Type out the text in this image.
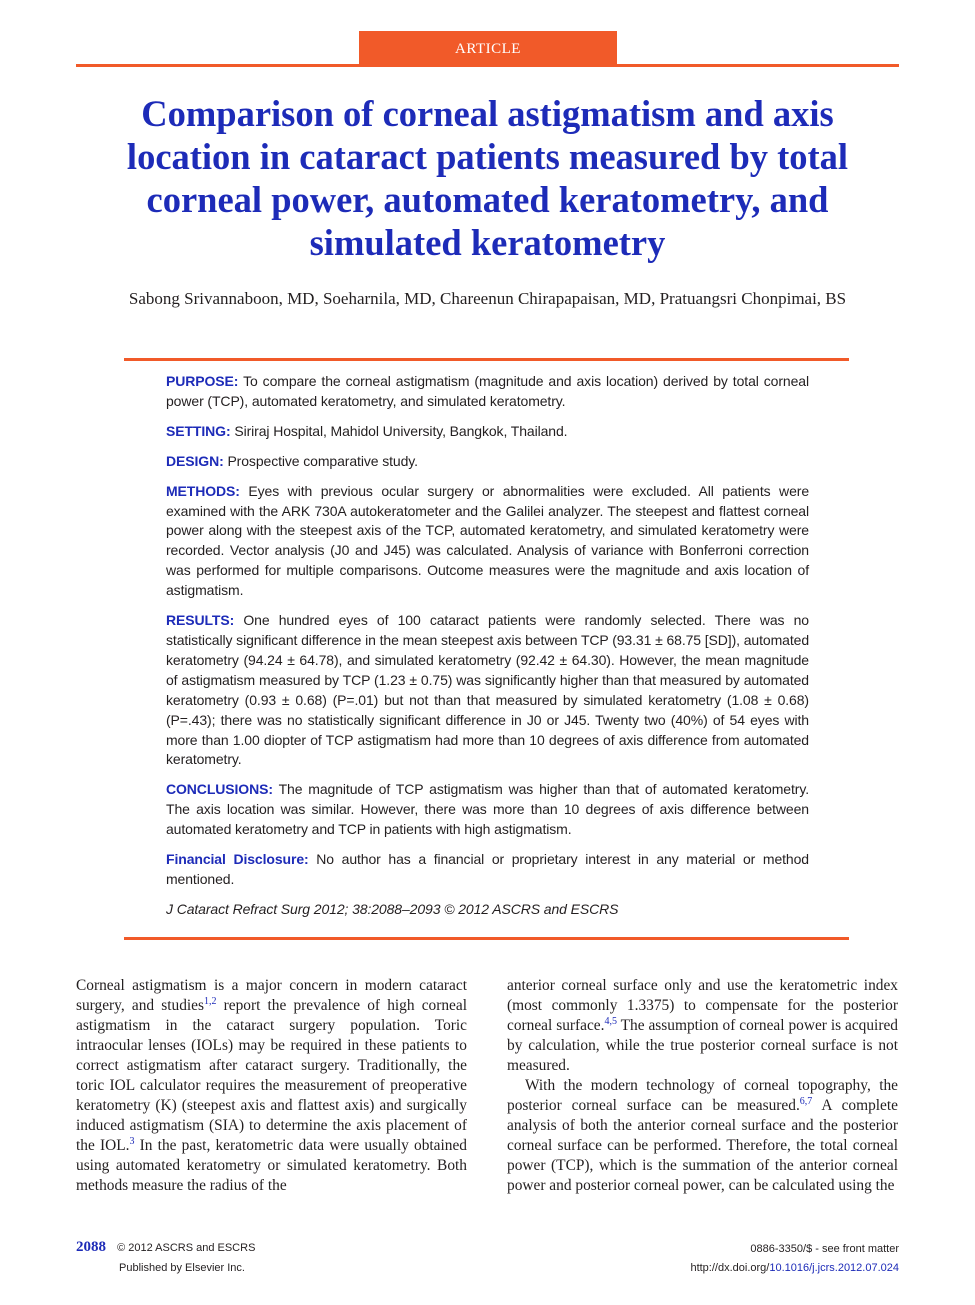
ARTICLE
Comparison of corneal astigmatism and axis location in cataract patients measured by total corneal power, automated keratometry, and simulated keratometry

Sabong Srivannaboon, MD, Soeharnila, MD, Chareenun Chirapapaisan, MD, Pratuangsri Chonpimai, BS

PURPOSE: To compare the corneal astigmatism (magnitude and axis location) derived by total corneal power (TCP), automated keratometry, and simulated keratometry.

SETTING: Siriraj Hospital, Mahidol University, Bangkok, Thailand.

DESIGN: Prospective comparative study.

METHODS: Eyes with previous ocular surgery or abnormalities were excluded. All patients were examined with the ARK 730A autokeratometer and the Galilei analyzer. The steepest and flattest corneal power along with the steepest axis of the TCP, automated keratometry, and simulated keratometry were recorded. Vector analysis (J0 and J45) was calculated. Analysis of variance with Bonferroni correction was performed for multiple comparisons. Outcome measures were the magnitude and axis location of astigmatism.

RESULTS: One hundred eyes of 100 cataract patients were randomly selected. There was no statistically significant difference in the mean steepest axis between TCP (93.31 ± 68.75 [SD]), automated keratometry (94.24 ± 64.78), and simulated keratometry (92.42 ± 64.30). However, the mean magnitude of astigmatism measured by TCP (1.23 ± 0.75) was significantly higher than that measured by automated keratometry (0.93 ± 0.68) (P=.01) but not than that measured by simulated keratometry (1.08 ± 0.68) (P=.43); there was no statistically significant difference in J0 or J45. Twenty two (40%) of 54 eyes with more than 1.00 diopter of TCP astigmatism had more than 10 degrees of axis difference from automated keratometry.

CONCLUSIONS: The magnitude of TCP astigmatism was higher than that of automated keratometry. The axis location was similar. However, there was more than 10 degrees of axis difference between automated keratometry and TCP in patients with high astigmatism.

Financial Disclosure: No author has a financial or proprietary interest in any material or method mentioned.

J Cataract Refract Surg 2012; 38:2088–2093 © 2012 ASCRS and ESCRS

Corneal astigmatism is a major concern in modern cataract surgery, and studies$^{1,2}$ report the prevalence of high corneal astigmatism in the cataract surgery population. Toric intraocular lenses (IOLs) may be required in these patients to correct astigmatism after cataract surgery. Traditionally, the toric IOL calculator requires the measurement of preoperative keratometry (K) (steepest axis and flattest axis) and surgically induced astigmatism (SIA) to determine the axis placement of the IOL.$^3$ In the past, keratometric data were usually obtained using automated keratometry or simulated keratometry. Both methods measure the radius of the

anterior corneal surface only and use the keratometric index (most commonly 1.3375) to compensate for the posterior corneal surface.$^{4,5}$ The assumption of corneal power is acquired by calculation, while the true posterior corneal surface is not measured.

With the modern technology of corneal topography, the posterior corneal surface can be measured.$^{6,7}$ A complete analysis of both the anterior corneal surface and the posterior corneal surface can be performed. Therefore, the total corneal power (TCP), which is the summation of the anterior corneal power and posterior corneal power, can be calculated using the

2088 © 2012 ASCRS and ESCRS
Published by Elsevier Inc.
0886-3350/$ - see front matter
http://dx.doi.org/10.1016/j.jcrs.2012.07.024
